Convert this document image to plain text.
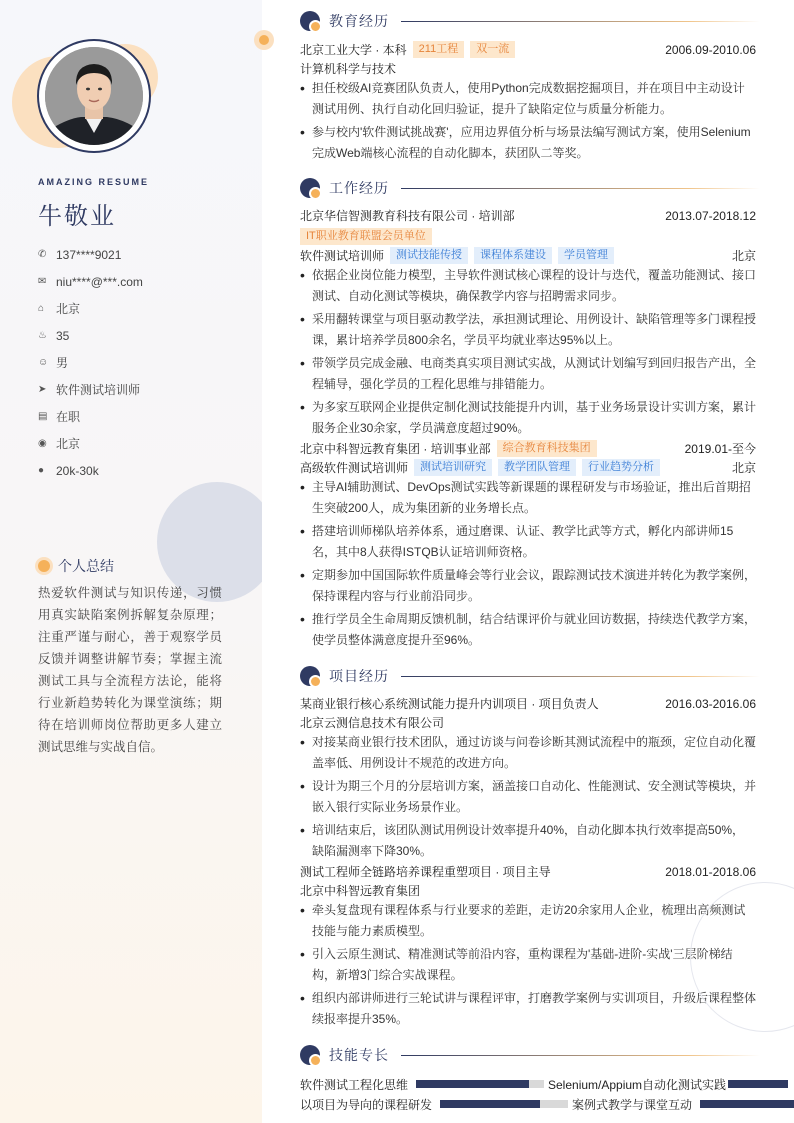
AMAZING RESUME
牛敬业
✆ 137****9021
✉ niu****@***.com
⌂ 北京
♨ 35
☺ 男
➤ 软件测试培训师
▤ 在职
◉ 北京
● 20k-30k
个人总结
热爱软件测试与知识传递，习惯用真实缺陷案例拆解复杂原理；注重严谨与耐心，善于观察学员反馈并调整讲解节奏；掌握主流测试工具与全流程方法论，能将行业新趋势转化为课堂演练；期待在培训师岗位帮助更多人建立测试思维与实战自信。
教育经历
北京工业大学 · 本科	211工程	双一流	2006.09-2010.06
计算机科学与技术
• 担任校级AI竞赛团队负责人，使用Python完成数据挖掘项目，并在项目中主动设计测试用例、执行自动化回归验证，提升了缺陷定位与质量分析能力。
• 参与校内'软件测试挑战赛'，应用边界值分析与场景法编写测试方案，使用Selenium完成Web端核心流程的自动化脚本，获团队二等奖。
工作经历
北京华信智测教育科技有限公司 · 培训部	2013.07-2018.12
IT职业教育联盟会员单位
软件测试培训师	测试技能传授	课程体系建设	学员管理	北京
• 依据企业岗位能力模型，主导软件测试核心课程的设计与迭代，覆盖功能测试、接口测试、自动化测试等模块，确保教学内容与招聘需求同步。
• 采用翻转课堂与项目驱动教学法，承担测试理论、用例设计、缺陷管理等多门课程授课，累计培养学员800余名，学员平均就业率达95%以上。
• 带领学员完成金融、电商类真实项目测试实战，从测试计划编写到回归报告产出，全程辅导，强化学员的工程化思维与排错能力。
• 为多家互联网企业提供定制化测试技能提升内训，基于业务场景设计实训方案，累计服务企业30余家，学员满意度超过90%。
北京中科智远教育集团 · 培训事业部	综合教育科技集团	2019.01-至今
高级软件测试培训师	测试培训研究	教学团队管理	行业趋势分析	北京
• 主导AI辅助测试、DevOps测试实践等新课题的课程研发与市场验证，推出后首期招生突破200人，成为集团新的业务增长点。
• 搭建培训师梯队培养体系，通过磨课、认证、教学比武等方式，孵化内部讲师15名，其中8人获得ISTQB认证培训师资格。
• 定期参加中国国际软件质量峰会等行业会议，跟踪测试技术演进并转化为教学案例，保持课程内容与行业前沿同步。
• 推行学员全生命周期反馈机制，结合结课评价与就业回访数据，持续迭代教学方案，使学员整体满意度提升至96%。
项目经历
某商业银行核心系统测试能力提升内训项目 · 项目负责人	2016.03-2016.06
北京云测信息技术有限公司
• 对接某商业银行技术团队，通过访谈与问卷诊断其测试流程中的瓶颈，定位自动化覆盖率低、用例设计不规范的改进方向。
• 设计为期三个月的分层培训方案，涵盖接口自动化、性能测试、安全测试等模块，并嵌入银行实际业务场景作业。
• 培训结束后，该团队测试用例设计效率提升40%，自动化脚本执行效率提高50%，缺陷漏测率下降30%。
测试工程师全链路培养课程重塑项目 · 项目主导	2018.01-2018.06
北京中科智远教育集团
• 牵头复盘现有课程体系与行业要求的差距，走访20余家用人企业，梳理出高频测试技能与能力素质模型。
• 引入云原生测试、精准测试等前沿内容，重构课程为'基础-进阶-实战'三层阶梯结构，新增3门综合实战课程。
• 组织内部讲师进行三轮试讲与课程评审，打磨教学案例与实训项目，升级后课程整体续报率提升35%。
技能专长
软件测试工程化思维	Selenium/Appium自动化测试实践
以项目为导向的课程研发	案例式教学与课堂互动
